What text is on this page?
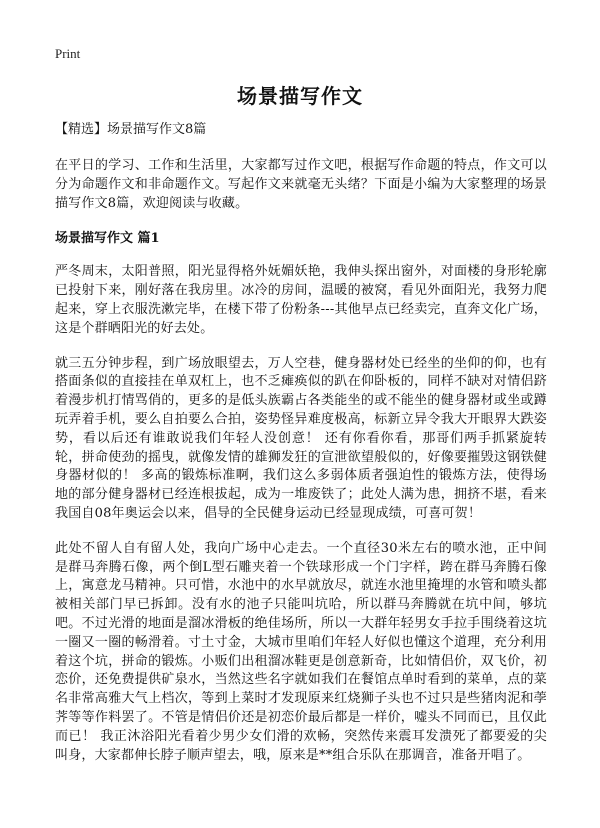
Print
场景描写作文
【精选】场景描写作文8篇

在平日的学习、工作和生活里，大家都写过作文吧，根据写作命题的特点，作文可以分为命题作文和非命题作文。写起作文来就毫无头绪？下面是小编为大家整理的场景描写作文8篇，欢迎阅读与收藏。

场景描写作文 篇1

严冬周末，太阳普照，阳光显得格外妩媚妖艳，我伸头探出窗外，对面楼的身形轮廓已投射下来，刚好落在我房里。冰冷的房间，温暖的被窝，看见外面阳光，我努力爬起来，穿上衣服洗漱完毕，在楼下带了份粉条---其他早点已经卖完，直奔文化广场，这是个群晒阳光的好去处。

就三五分钟步程，到广场放眼望去，万人空巷，健身器材处已经坐的坐仰的仰，也有搭面条似的直接挂在单双杠上，也不乏瘫痪似的趴在仰卧板的，同样不缺对对情侣跻着漫步机打情骂俏的，更多的是低头族霸占各类能坐的或不能坐的健身器材或坐或蹲玩弄着手机，要么自拍要么合拍，姿势怪异难度极高，标新立异令我大开眼界大跌姿势，看以后还有谁敢说我们年轻人没创意！ 还有你看你看，那哥们两手抓紧旋转轮，拼命使劲的摇曳，就像发情的雄狮发狂的宣泄欲望般似的，好像要摧毁这钢铁健身器材似的！ 多高的锻炼标准啊，我们这么多弱体质者强迫性的锻炼方法，使得场地的部分健身器材已经连根拔起，成为一堆废铁了；此处人满为患，拥挤不堪，看来我国自08年奥运会以来，倡导的全民健身运动已经显现成绩，可喜可贺！

此处不留人自有留人处，我向广场中心走去。一个直径30米左右的喷水池，正中间是群马奔腾石像，两个倒L型石雕夹着一个铁球形成一个门字样，跨在群马奔腾石像上，寓意龙马精神。只可惜，水池中的水早就放尽，就连水池里掩埋的水管和喷头都被相关部门早已拆卸。没有水的池子只能叫坑哈，所以群马奔腾就在坑中间，够坑吧。不过光滑的地面是溜冰滑板的绝佳场所，所以一大群年轻男女手拉手围绕着这坑一圈又一圈的畅滑着。寸土寸金，大城市里咱们年轻人好似也懂这个道理，充分利用着这个坑，拼命的锻炼。小贩们出租溜冰鞋更是创意新奇，比如情侣价，双飞价，初恋价，还免费提供矿泉水，当然这些名字就如我们在餐馆点单时看到的菜单，点的菜名非常高雅大气上档次，等到上菜时才发现原来红烧狮子头也不过只是些猪肉泥和荸荠等等作料罢了。不管是情侣价还是初恋价最后都是一样价，嘘头不同而已，且仅此而已！ 我正沐浴阳光看着少男少女们滑的欢畅，突然传来震耳发溃死了都要爱的尖叫身，大家都伸长脖子顺声望去，哦，原来是**组合乐队在那调音，准备开唱了。
